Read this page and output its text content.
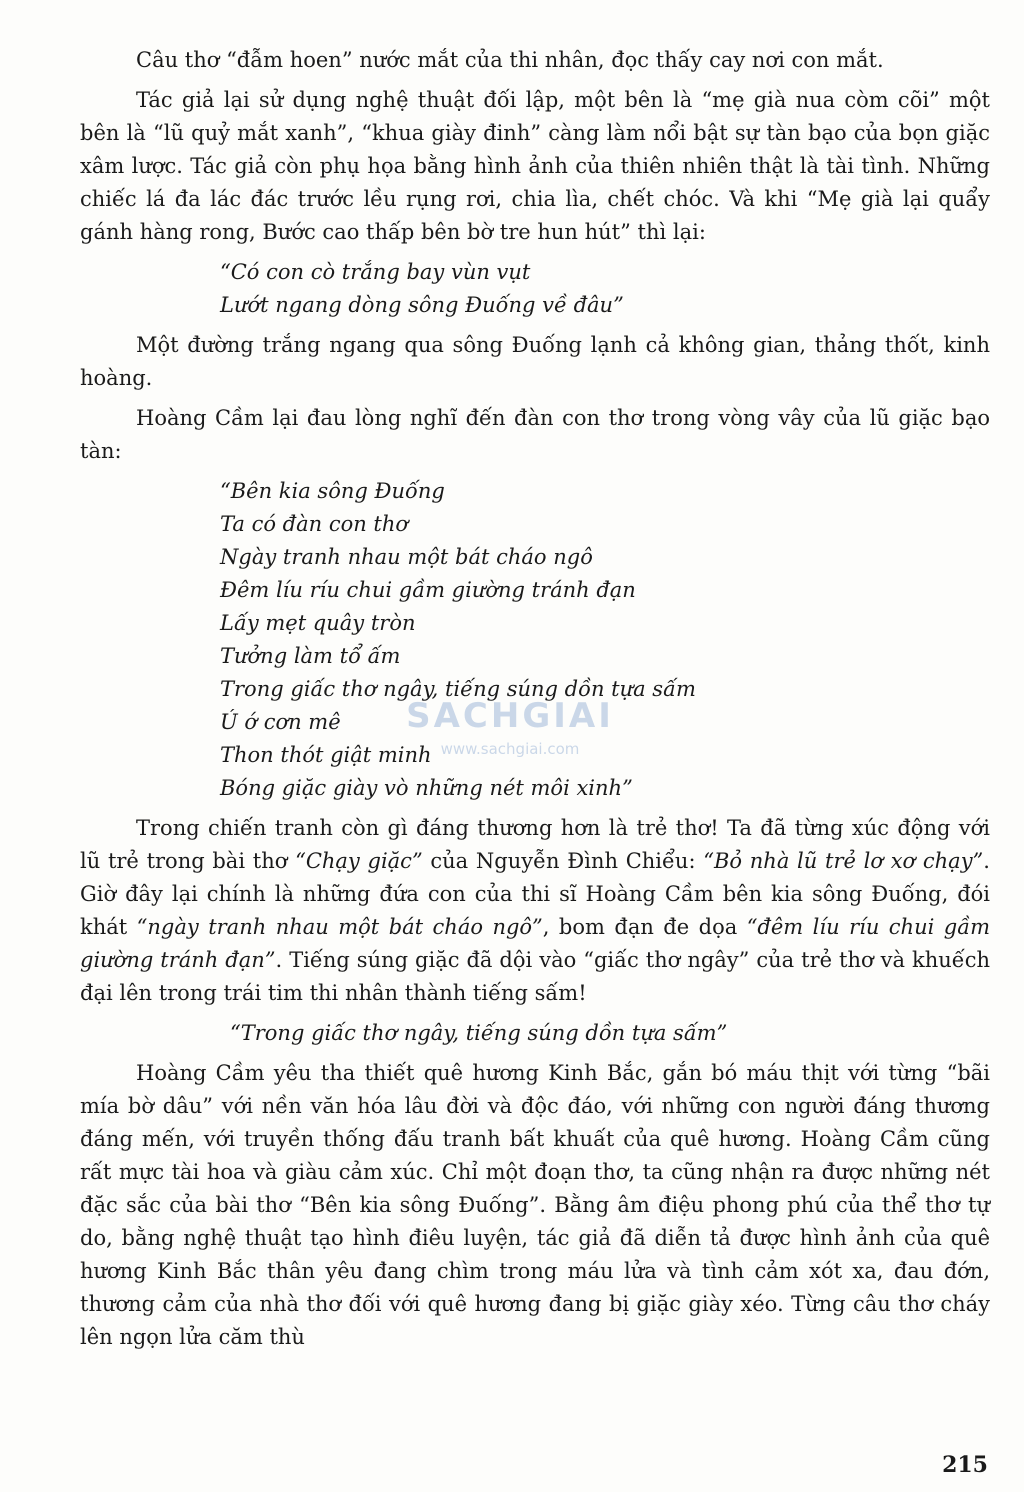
Câu thơ “đẫm hoen” nước mắt của thi nhân, đọc thấy cay nơi con mắt.

Tác giả lại sử dụng nghệ thuật đối lập, một bên là “mẹ già nua còm cõi” một bên là “lũ quỷ mắt xanh”, “khua giày đinh” càng làm nổi bật sự tàn bạo của bọn giặc xâm lược. Tác giả còn phụ họa bằng hình ảnh của thiên nhiên thật là tài tình. Những chiếc lá đa lác đác trước lều rụng rơi, chia lìa, chết chóc. Và khi “Mẹ già lại quẩy gánh hàng rong, Bước cao thấp bên bờ tre hun hút” thì lại:

“Có con cò trắng bay vùn vụt
Lướt ngang dòng sông Đuống về đâu”

Một đường trắng ngang qua sông Đuống lạnh cả không gian, thảng thốt, kinh hoàng.

Hoàng Cầm lại đau lòng nghĩ đến đàn con thơ trong vòng vây của lũ giặc bạo tàn:

“Bên kia sông Đuống
Ta có đàn con thơ
Ngày tranh nhau một bát cháo ngô
Đêm líu ríu chui gầm giường tránh đạn
Lấy mẹt quây tròn
Tưởng làm tổ ấm
Trong giấc thơ ngây, tiếng súng dồn tựa sấm
Ú ớ cơn mê
Thon thót giật minh
Bóng giặc giày vò những nét môi xinh”

Trong chiến tranh còn gì đáng thương hơn là trẻ thơ! Ta đã từng xúc động với lũ trẻ trong bài thơ “Chạy giặc” của Nguyễn Đình Chiểu: “Bỏ nhà lũ trẻ lơ xơ chạy”. Giờ đây lại chính là những đứa con của thi sĩ Hoàng Cầm bên kia sông Đuống, đói khát “ngày tranh nhau một bát cháo ngô”, bom đạn đe dọa “đêm líu ríu chui gầm giường tránh đạn”. Tiếng súng giặc đã dội vào “giấc thơ ngây” của trẻ thơ và khuếch đại lên trong trái tim thi nhân thành tiếng sấm!

“Trong giấc thơ ngây, tiếng súng dồn tựa sấm”

Hoàng Cầm yêu tha thiết quê hương Kinh Bắc, gắn bó máu thịt với từng “bãi mía bờ dâu” với nền văn hóa lâu đời và độc đáo, với những con người đáng thương đáng mến, với truyền thống đấu tranh bất khuất của quê hương. Hoàng Cầm cũng rất mực tài hoa và giàu cảm xúc. Chỉ một đoạn thơ, ta cũng nhận ra được những nét đặc sắc của bài thơ “Bên kia sông Đuống”. Bằng âm điệu phong phú của thể thơ tự do, bằng nghệ thuật tạo hình điêu luyện, tác giả đã diễn tả được hình ảnh của quê hương Kinh Bắc thân yêu đang chìm trong máu lửa và tình cảm xót xa, đau đớn, thương cảm của nhà thơ đối với quê hương đang bị giặc giày xéo. Từng câu thơ cháy lên ngọn lửa căm thù

SACHGIAI
www.sachgiai.com
215
